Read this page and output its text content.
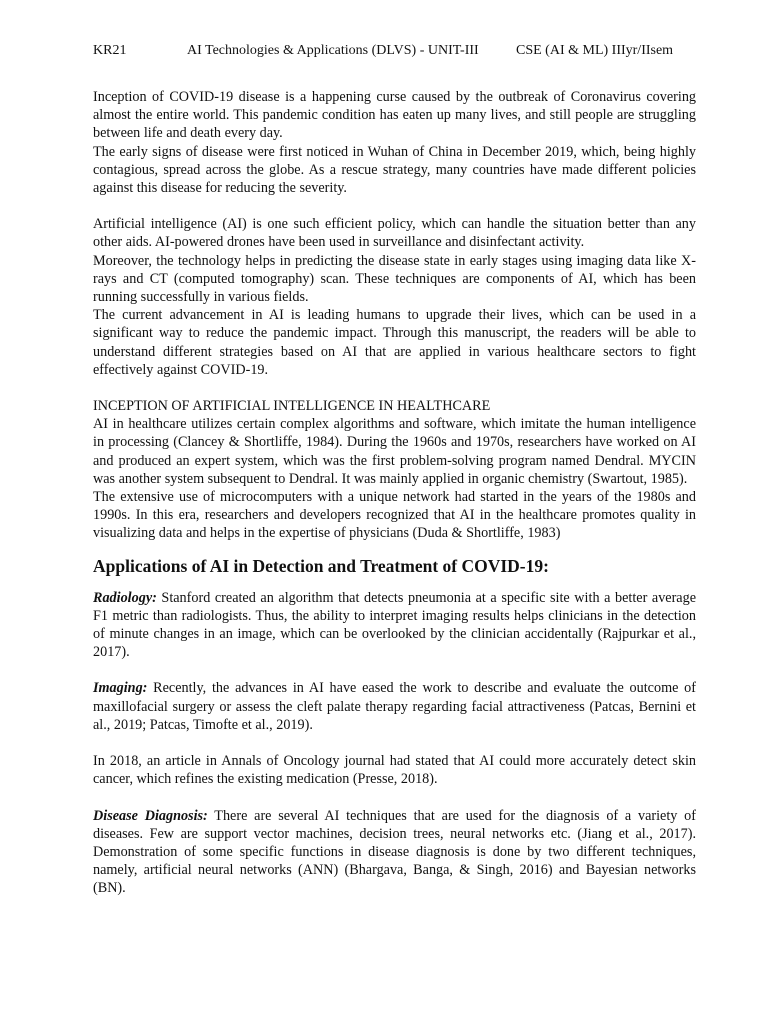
KR21	AI Technologies & Applications (DLVS) - UNIT-III	CSE (AI & ML) IIIyr/IIsem

Inception of COVID-19 disease is a happening curse caused by the outbreak of Coronavirus covering almost the entire world. This pandemic condition has eaten up many lives, and still people are struggling between life and death every day.

The early signs of disease were first noticed in Wuhan of China in December 2019, which, being highly contagious, spread across the globe. As a rescue strategy, many countries have made different policies against this disease for reducing the severity.

Artificial intelligence (AI) is one such efficient policy, which can handle the situation better than any other aids. AI-powered drones have been used in surveillance and disinfectant activity.

Moreover, the technology helps in predicting the disease state in early stages using imaging data like X-rays and CT (computed tomography) scan. These techniques are components of AI, which has been running successfully in various fields.

The current advancement in AI is leading humans to upgrade their lives, which can be used in a significant way to reduce the pandemic impact. Through this manuscript, the readers will be able to understand different strategies based on AI that are applied in various healthcare sectors to fight effectively against COVID-19.

INCEPTION OF ARTIFICIAL INTELLIGENCE IN HEALTHCARE

AI in healthcare utilizes certain complex algorithms and software, which imitate the human intelligence in processing (Clancey & Shortliffe, 1984). During the 1960s and 1970s, researchers have worked on AI and produced an expert system, which was the first problem-solving program named Dendral. MYCIN was another system subsequent to Dendral. It was mainly applied in organic chemistry (Swartout, 1985).

The extensive use of microcomputers with a unique network had started in the years of the 1980s and 1990s. In this era, researchers and developers recognized that AI in the healthcare promotes quality in visualizing data and helps in the expertise of physicians (Duda & Shortliffe, 1983)

Applications of AI in Detection and Treatment of COVID-19:

Radiology: Stanford created an algorithm that detects pneumonia at a specific site with a better average F1 metric than radiologists. Thus, the ability to interpret imaging results helps clinicians in the detection of minute changes in an image, which can be overlooked by the clinician accidentally (Rajpurkar et al., 2017).

Imaging: Recently, the advances in AI have eased the work to describe and evaluate the outcome of maxillofacial surgery or assess the cleft palate therapy regarding facial attractiveness (Patcas, Bernini et al., 2019; Patcas, Timofte et al., 2019).

In 2018, an article in Annals of Oncology journal had stated that AI could more accurately detect skin cancer, which refines the existing medication (Presse, 2018).

Disease Diagnosis: There are several AI techniques that are used for the diagnosis of a variety of diseases. Few are support vector machines, decision trees, neural networks etc. (Jiang et al., 2017). Demonstration of some specific functions in disease diagnosis is done by two different techniques, namely, artificial neural networks (ANN) (Bhargava, Banga, & Singh, 2016) and Bayesian networks (BN).
